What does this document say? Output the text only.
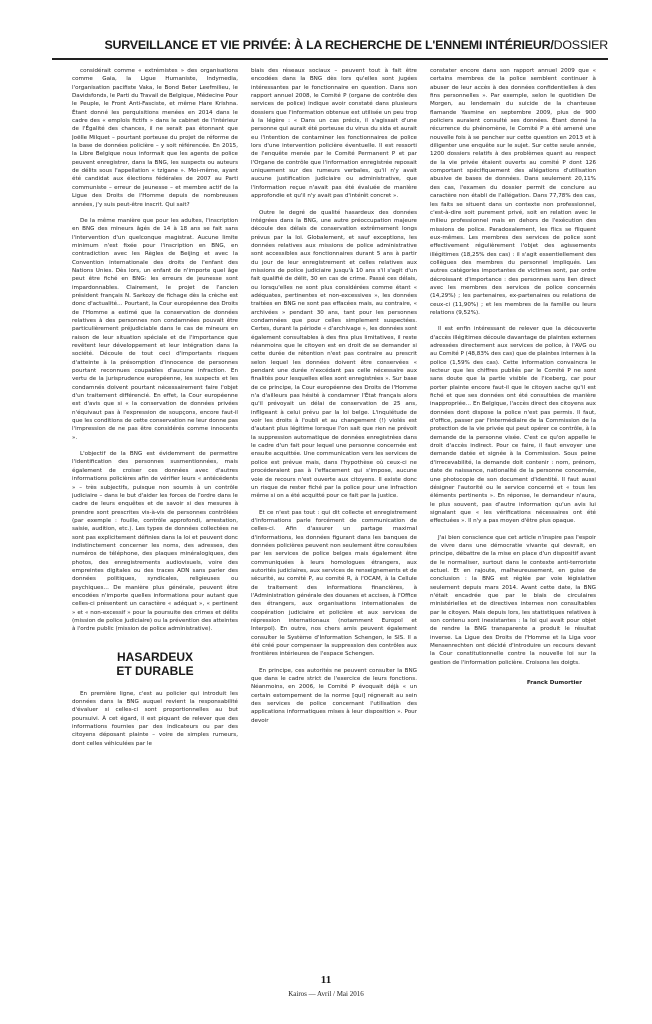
SURVEILLANCE ET VIE PRIVÉE: À LA RECHERCHE DE L'ENNEMI INTÉRIEUR/DOSSIER

considérait comme « extrémistes » des organisations comme Gaia, la Ligue Humaniste, Indymedia, l'organisation pacifiste Vaka, le Bond Beter Leefmilieu, le Davidsfonds, le Parti du Travail de Belgique, Médecine Pour le Peuple, le Front Anti-Fasciste, et même Hare Krishna. Étant donné les perquisitions menées en 2014 dans le cadre des « emplois fictifs » dans le cabinet de l'intérieur de l'Égalité des chances, il ne serait pas étonnant que Joëlle Milquet – pourtant porteuse du projet de réforme de la base de données policière – y soit référencée. En 2015, la Libre Belgique nous informait que les agents de police peuvent enregistrer, dans la BNG, les suspects ou auteurs de délits sous l'appellation « tzigane ». Moi-même, ayant été candidat aux élections fédérales de 2007 au Parti communiste – erreur de jeunesse – et membre actif de la Ligue des Droits de l'Homme depuis de nombreuses années, j'y suis peut-être inscrit. Qui sait?

De la même manière que pour les adultes, l'inscription en BNG des mineurs âgés de 14 à 18 ans se fait sans l'intervention d'un quelconque magistrat. Aucune limite minimum n'est fixée pour l'inscription en BNG, en contradiction avec les Règles de Beijing et avec la Convention internationale des droits de l'enfant des Nations Unies. Dès lors, un enfant de n'importe quel âge peut être fiché en BNG: les erreurs de jeunesse sont impardonnables. Clairement, le projet de l'ancien président français N. Sarkozy de fichage dès la crèche est donc d'actualité… Pourtant, la Cour européenne des Droits de l'Homme a estimé que la conservation de données relatives à des personnes non condamnées pouvait être particulièrement préjudiciable dans le cas de mineurs en raison de leur situation spéciale et de l'importance que revêtent leur développement et leur intégration dans la société. Découle de tout ceci d'importants risques d'atteinte à la présomption d'innocence de personnes pourtant reconnues coupables d'aucune infraction. En vertu de la jurisprudence européenne, les suspects et les condamnés doivent pourtant nécessairement faire l'objet d'un traitement différencié. En effet, la Cour européenne est d'avis que si « la conservation de données privées n'équivaut pas à l'expression de soupçons, encore faut-il que les conditions de cette conservation ne leur donne pas l'impression de ne pas être considérés comme innocents ».

L'objectif de la BNG est évidemment de permettre l'identification des personnes susmentionnées, mais également de croiser ces données avec d'autres informations policières afin de vérifier leurs « antécédents » – très subjectifs, puisque non soumis à un contrôle judiciaire – dans le but d'aider les forces de l'ordre dans le cadre de leurs enquêtes et de savoir si des mesures à prendre sont prescrites vis-à-vis de personnes contrôlées (par exemple : fouille, contrôle approfondi, arrestation, saisie, audition, etc.). Les types de données collectées ne sont pas explicitement définies dans la loi et peuvent donc indistinctement concerner les noms, des adresses, des numéros de téléphone, des plaques minéralogiques, des photos, des enregistrements audiovisuels, voire des empreintes digitales ou des traces ADN sans parler des données politiques, syndicales, religieuses ou psychiques… De manière plus générale, peuvent être encodées n'importe quelles informations pour autant que celles-ci présentent un caractère « adéquat », « pertinent » et « non-excessif » pour la poursuite des crimes et délits (mission de police judiciaire) ou la prévention des atteintes à l'ordre public (mission de police administrative).

HASARDEUX
ET DURABLE

En première ligne, c'est au policier qui introduit les données dans la BNG auquel revient la responsabilité d'évaluer si celles-ci sont proportionnelles au but poursuivi. À cet égard, il est piquant de relever que des informations fournies par des indicateurs ou par des citoyens déposant plainte – voire de simples rumeurs, dont celles véhiculées par le

biais des réseaux sociaux – peuvent tout à fait être encodées dans la BNG dès lors qu'elles sont jugées intéressantes par le fonctionnaire en question. Dans son rapport annuel 2008, le Comité P (organe de contrôle des services de police) indique avoir constaté dans plusieurs dossiers que l'information obtenue est utilisée un peu trop à la légère : « Dans un cas précis, il s'agissait d'une personne qui aurait été porteuse du virus du sida et aurait eu l'intention de contaminer les fonctionnaires de police lors d'une intervention policière éventuelle. Il est ressorti de l'enquête menée par le Comité Permanent P et par l'Organe de contrôle que l'information enregistrée reposait uniquement sur des rumeurs verbales, qu'il n'y avait aucune justification judiciaire ou administrative, que l'information reçue n'avait pas été évaluée de manière approfondie et qu'il n'y avait pas d'intérêt concret ».

Outre le degré de qualité hasardeux des données intégrées dans la BNG, une autre préoccupation majeure découle des délais de conservation extrêmement longs prévus par la loi. Globalement, et sauf exceptions, les données relatives aux missions de police administrative sont accessibles aux fonctionnaires durant 5 ans à partir du jour de leur enregistrement et celles relatives aux missions de police judiciaire jusqu'à 10 ans s'il s'agit d'un fait qualifié de délit, 30 en cas de crime. Passé ces délais, ou lorsqu'elles ne sont plus considérées comme étant « adéquates, pertinentes et non-excessives », les données traitées en BNG ne sont pas effacées mais, au contraire, « archivées » pendant 30 ans, tant pour les personnes condamnées que pour celles simplement suspectées. Certes, durant la période « d'archivage », les données sont également consultables à des fins plus limitatives, il reste néanmoins que le citoyen est en droit de se demander si cette durée de rétention n'est pas contraire au prescrit selon lequel les données doivent être conservées « pendant une durée n'excédant pas celle nécessaire aux finalités pour lesquelles elles sont enregistrées ». Sur base de ce principe, la Cour européenne des Droits de l'Homme n'a d'ailleurs pas hésité à condamner l'État français alors qu'il prévoyait un délai de conservation de 25 ans, infligeant à celui prévu par la loi belge. L'inquiétude de voir les droits à l'oubli et au changement (!) violés est d'autant plus légitime lorsque l'on sait que rien ne prévoit la suppression automatique de données enregistrées dans le cadre d'un fait pour lequel une personne concernée est ensuite acquittée. Une communication vers les services de police est prévue mais, dans l'hypothèse où ceux-ci ne procéderaient pas à l'effacement qui s'impose, aucune voie de recours n'est ouverte aux citoyens. Il existe donc un risque de rester fiché par la police pour une infraction même si on a été acquitté pour ce fait par la justice.

Et ce n'est pas tout : qui dit collecte et enregistrement d'informations parle forcément de communication de celles-ci. Afin d'assurer un partage maximal d'informations, les données figurant dans les banques de données policières peuvent non seulement être consultées par les services de police belges mais également être communiquées à leurs homologues étrangers, aux autorités judiciaires, aux services de renseignements et de sécurité, au comité P, au comité R, à l'OCAM, à la Cellule de traitement des informations financières, à l'Administration générale des douanes et accises, à l'Office des étrangers, aux organisations internationales de coopération judiciaire et policière et aux services de répression internationaux (notamment Europol et Interpol). En outre, nos chers amis peuvent également consulter le Système d'Information Schengen, le SIS. Il a été créé pour compenser la suppression des contrôles aux frontières intérieures de l'espace Schengen.

En principe, ces autorités ne peuvent consulter la BNG que dans le cadre strict de l'exercice de leurs fonctions. Néanmoins, en 2006, le Comité P évoquait déjà « un certain estompement de la norme [qui] régnerait au sein des services de police concernant l'utilisation des applications informatiques mises à leur disposition ». Pour devoir

constater encore dans son rapport annuel 2009 que « certains membres de la police semblent continuer à abuser de leur accès à des données confidentielles à des fins personnelles ». Par exemple, selon le quotidien De Morgen, au lendemain du suicide de la chanteuse flamande Yasmine en septembre 2009, plus de 900 policiers auraient consulté ses données. Étant donné la récurrence du phénomène, le Comité P a été amené une nouvelle fois à se pencher sur cette question en 2013 et à diligenter une enquête sur le sujet. Sur cette seule année, 1200 dossiers relatifs à des problèmes quant au respect de la vie privée étaient ouverts au comité P dont 126 comportant spécifiquement des allégations d'utilisation abusive de bases de données. Dans seulement 20,11% des cas, l'examen du dossier permit de conclure au caractère non établi de l'allégation. Dans 77,78% des cas, les faits se situent dans un contexte non professionnel, c'est-à-dire soit purement privé, soit en relation avec le milieu professionnel mais en dehors de l'exécution des missions de police. Paradoxalement, les flics se fliquent eux-mêmes. Les membres des services de police sont effectivement régulièrement l'objet des agissements illégitimes (18,25% des cas) : il s'agit essentiellement des collègues des membres du personnel impliqués. Les autres catégories importantes de victimes sont, par ordre décroissant d'importance : des personnes sans lien direct avec les membres des services de police concernés (14,29%) ; les partenaires, ex-partenaires ou relations de ceux-ci (11,90%) ; et les membres de la famille ou leurs relations (9,52%).

Il est enfin intéressant de relever que la découverte d'accès illégitimes découle davantage de plaintes externes adressées directement aux services de police, à l'AVG ou au Comité P (48,83% des cas) que de plaintes internes à la police (1,59% des cas). Cette information convaincra le lecteur que les chiffres publiés par le Comité P ne sont sans doute que la partie visible de l'iceberg, car pour porter plainte encore faut-il que le citoyen sache qu'il est fiché et que ses données ont été consultées de manière inappropriée… En Belgique, l'accès direct des citoyens aux données dont dispose la police n'est pas permis. Il faut, d'office, passer par l'intermédiaire de la Commission de la protection de la vie privée qui peut opérer ce contrôle, à la demande de la personne visée. C'est ce qu'on appelle le droit d'accès indirect. Pour ce faire, il faut envoyer une demande datée et signée à la Commission. Sous peine d'irrecevabilité, la demande doit contenir : nom, prénom, date de naissance, nationalité de la personne concernée, une photocopie de son document d'identité. Il faut aussi désigner l'autorité ou le service concerné et « tous les éléments pertinents ». En réponse, le demandeur n'aura, le plus souvent, pas d'autre information qu'un avis lui signalant que « les vérifications nécessaires ont été effectuées ». Il n'y a pas moyen d'être plus opaque.

J'ai bien conscience que cet article n'inspire pas l'espoir de vivre dans une démocratie vivante qui devrait, en principe, débattre de la mise en place d'un dispositif avant de le normaliser, surtout dans le contexte anti-terroriste actuel. Et en rajoute, malheureusement, en guise de conclusion : la BNG est réglée par voie législative seulement depuis mars 2014. Avant cette date, la BNG n'était encadrée que par le biais de circulaires ministérielles et de directives internes non consultables par le citoyen. Mais depuis lors, les statistiques relatives à son contenu sont inexistantes : la loi qui avait pour objet de rendre la BNG transparente a produit le résultat inverse. La Ligue des Droits de l'Homme et la Liga voor Mensenrechten ont décidé d'introduire un recours devant la Cour constitutionnelle contre la nouvelle loi sur la gestion de l'information policière. Croisons les doigts.

Franck Dumortier
11
Kairos — Avril / Mai 2016
